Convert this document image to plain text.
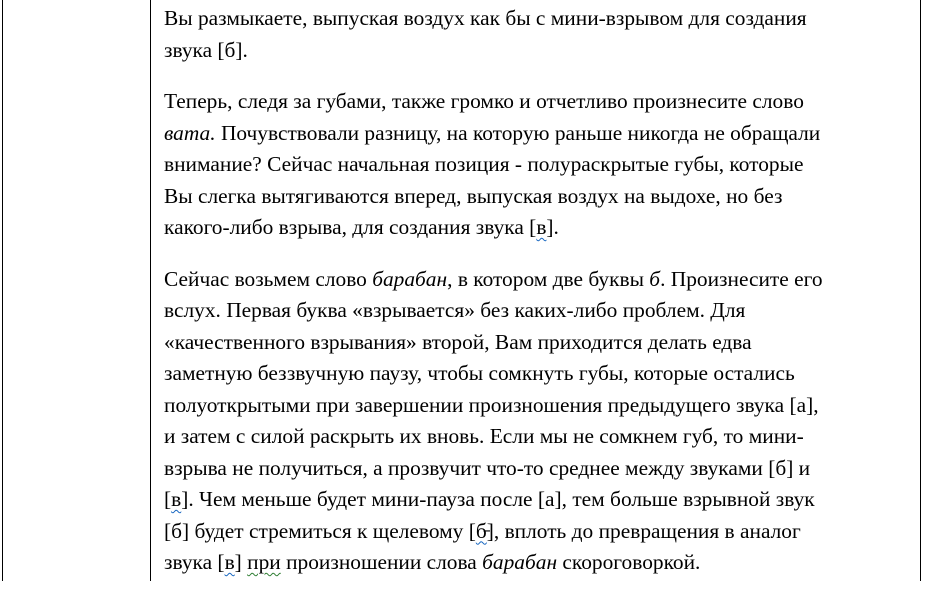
Вы размыкаете, выпуская воздух как бы с мини-взрывом для создания
звука [б].
Теперь, следя за губами, также громко и отчетливо произнесите слово
вата. Почувствовали разницу, на которую раньше никогда не обращали
внимание? Сейчас начальная позиция - полураскрытые губы, которые
Вы слегка вытягиваются вперед, выпуская воздух на выдохе, но без
какого-либо взрыва, для создания звука [в].
Сейчас возьмем слово барабан, в котором две буквы б. Произнесите его
вслух. Первая буква «взрывается» без каких-либо проблем. Для
«качественного взрывания» второй, Вам приходится делать едва
заметную беззвучную паузу, чтобы сомкнуть губы, которые остались
полуоткрытыми при завершении произношения предыдущего звука [а],
и затем с силой раскрыть их вновь. Если мы не сомкнем губ, то мини-
взрыва не получиться, а прозвучит что-то среднее между звуками [б] и
[в]. Чем меньше будет мини-пауза после [а], тем больше взрывной звук
[б] будет стремиться к щелевому [б̵], вплоть до превращения в аналог
звука [в] при произношении слова барабан скороговоркой.
